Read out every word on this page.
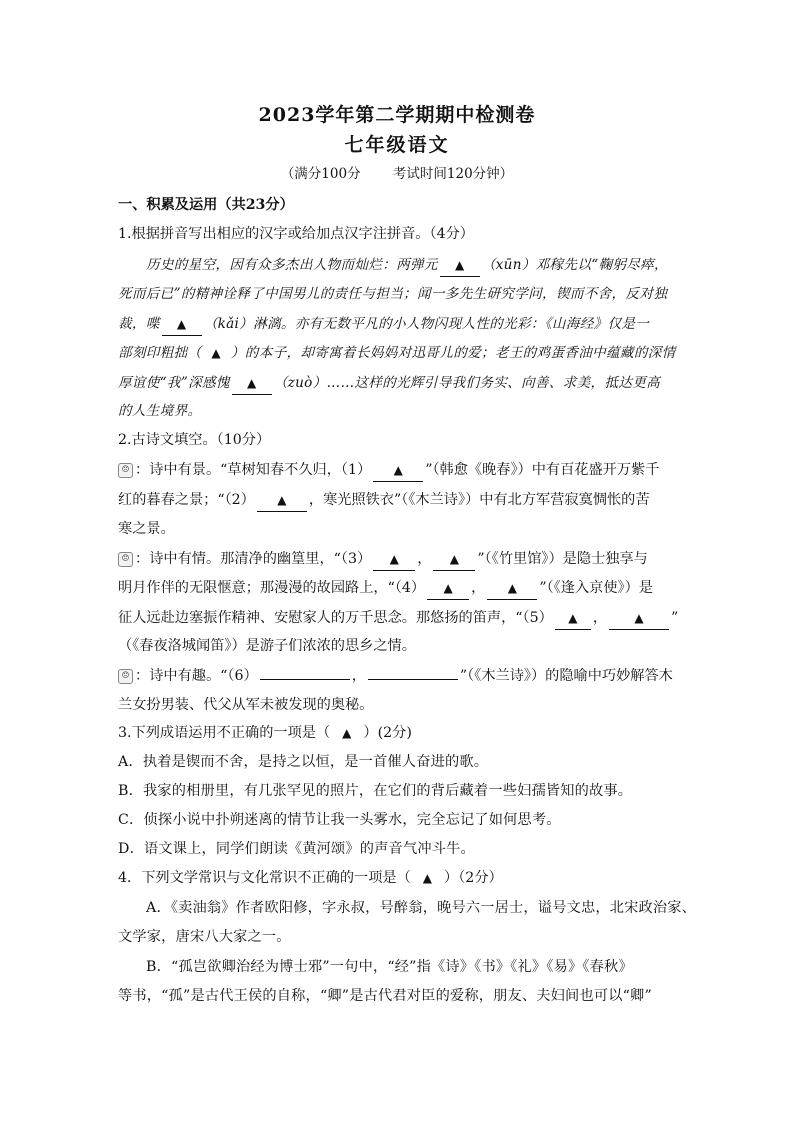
2023学年第二学期期中检测卷
七年级语文
（满分100分 考试时间120分钟）
一、积累及运用（共23分）
1.根据拼音写出相应的汉字或给加点汉字注拼音。（4分）
历史的星空，因有众多杰出人物而灿烂：两弹元 ▲ （xūn）邓稼先以“鞠躬尽瘁，
死而后已”的精神诠释了中国男儿的责任与担当；闻一多先生研究学问，锲而不舍，反对独
裁，喋 ▲ （kǎi）淋漓。亦有无数平凡的小人物闪现人性的光彩：《山海经》仅是一
部刻印粗拙（ ▲ ）的本子，却寄寓着长妈妈对迅哥儿的爱；老王的鸡蛋香油中蕴藏的深情
厚谊使“我”深感愧 ▲ （zuò）……这样的光辉引导我们务实、向善、求美，抵达更高
的人生境界。
2.古诗文填空。（10分）
☹ ：诗中有景。“草树知春不久归，（1） ▲ ”（韩愈《晚春》）中有百花盛开万紫千
红的暮春之景；“（2） ▲ ，寒光照铁衣”（《木兰诗》）中有北方军营寂寞惆怅的苦
寒之景。
☹ ：诗中有情。那清净的幽篁里，“（3） ▲ ， ▲ ”（《竹里馆》）是隐士独享与
明月作伴的无限惬意；那漫漫的故园路上，“（4） ▲ ， ▲ ”（《逢入京使》）是
征人远赴边塞振作精神、安慰家人的万千思念。那悠扬的笛声，“（5） ▲ ， ▲ ”
（《春夜洛城闻笛》）是游子们浓浓的思乡之情。
☹ ：诗中有趣。“（6）	，	”（《木兰诗》）的隐喻中巧妙解答木
兰女扮男装、代父从军未被发现的奥秘。
3.下列成语运用不正确的一项是（ ▲ ）(2分)
A．执着是锲而不舍，是持之以恒，是一首催人奋进的歌。
B．我家的相册里，有几张罕见的照片，在它们的背后藏着一些妇孺皆知的故事。
C．侦探小说中扑朔迷离的情节让我一头雾水，完全忘记了如何思考。
D．语文课上，同学们朗读《黄河颂》的声音气冲斗牛。
4．下列文学常识与文化常识不正确的一项是（ ▲ ）（2分）
A．《卖油翁》作者欧阳修，字永叔，号醉翁，晚号六一居士，谥号文忠，北宋政治家、
文学家，唐宋八大家之一。
B．“孤岂欲卿治经为博士邪”一句中，“经”指《诗》《书》《礼》《易》《春秋》
等书，“孤”是古代王侯的自称，“卿”是古代君对臣的爱称，朋友、夫妇间也可以“卿”
